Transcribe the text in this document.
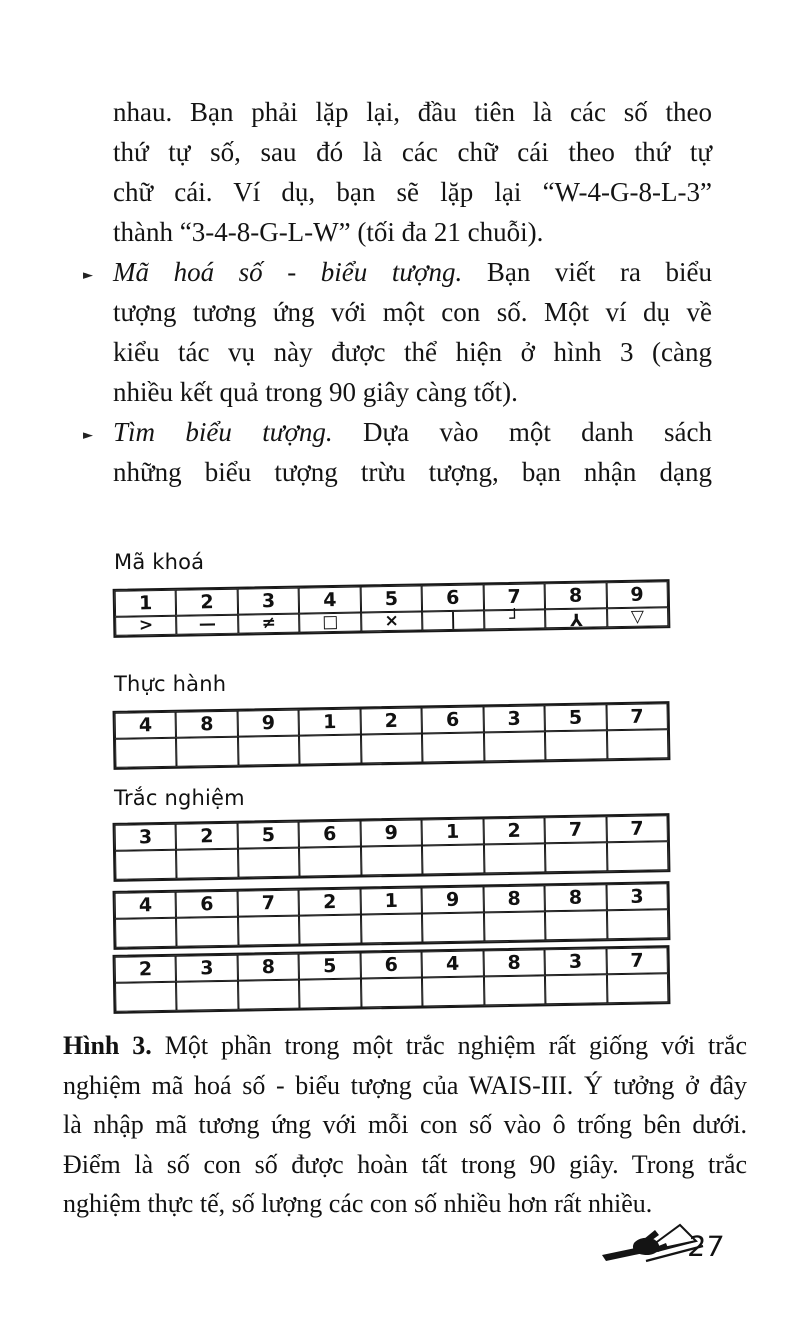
nhau. Bạn phải lặp lại, đầu tiên là các số theo
thứ tự số, sau đó là các chữ cái theo thứ tự
chữ cái. Ví dụ, bạn sẽ lặp lại “W-4-G-8-L-3”
thành “3-4-8-G-L-W” (tối đa 21 chuỗi).
► Mã hoá số - biểu tượng. Bạn viết ra biểu
tượng tương ứng với một con số. Một ví dụ về
kiểu tác vụ này được thể hiện ở hình 3 (càng
nhiều kết quả trong 90 giây càng tốt).
► Tìm biểu tượng. Dựa vào một danh sách
những biểu tượng trừu tượng, bạn nhận dạng
Mã khoá
1	2	3	4	5	6	7	8	9
>	—	≠	□	×	|	┘	Y	▽
Thực hành
4	8	9	1	2	6	3	5	7
Trắc nghiệm
3	2	5	6	9	1	2	7	7
4	6	7	2	1	9	8	8	3
2	3	8	5	6	4	8	3	7
Hình 3. Một phần trong một trắc nghiệm rất giống với trắc
nghiệm mã hoá số - biểu tượng của WAIS-III. Ý tưởng ở đây
là nhập mã tương ứng với mỗi con số vào ô trống bên dưới.
Điểm là số con số được hoàn tất trong 90 giây. Trong trắc
nghiệm thực tế, số lượng các con số nhiều hơn rất nhiều.
27
